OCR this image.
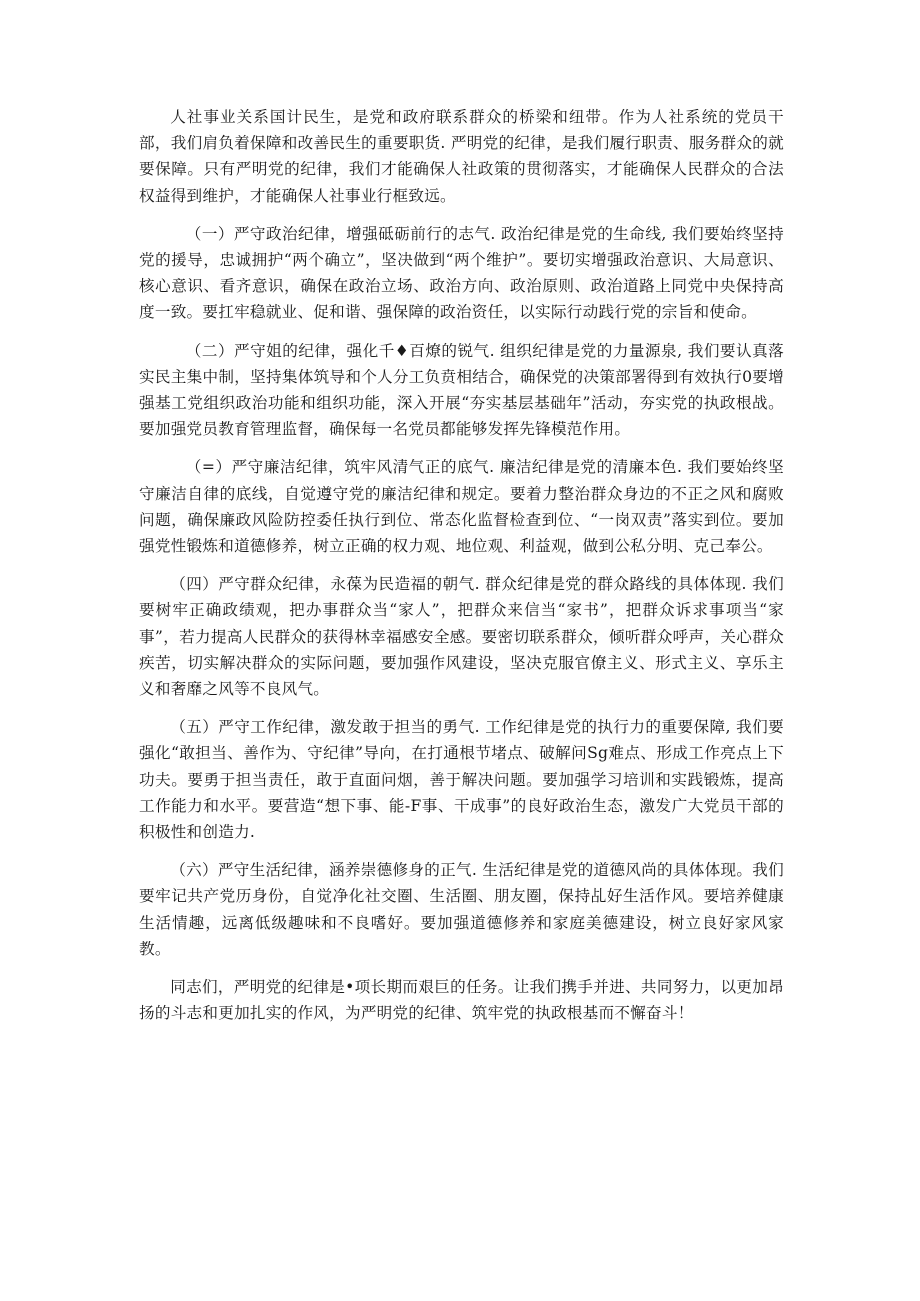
人社事业关系国计民生，是党和政府联系群众的桥梁和纽带。作为人社系统的党员干部，我们肩负着保障和改善民生的重要职货. 严明党的纪律，是我们履行职责、服务群众的就要保障。只有严明党的纪律，我们才能确保人社政策的贯彻落实，才能确保人民群众的合法权益得到维护，才能确保人社事业行框致远。

（一）严守政治纪律，增强砥砺前行的志气. 政治纪律是党的生命线, 我们要始终坚持党的援导，忠诚拥护“两个确立”，坚决做到“两个维护”。要切实增强政治意识、大局意识、核心意识、看齐意识，确保在政治立场、政治方向、政治原则、政治道路上同党中央保持高度一致。要扛牢稳就业、促和谐、强保障的政治资任，以实际行动践行党的宗旨和使命。

（二）严守姐的纪律，强化千♦百燎的锐气. 组织纪律是党的力量源泉, 我们要认真落实民主集中制，坚持集体筑导和个人分工负贲相结合，确保党的决策部署得到有效执行0要增强基工党组织政治功能和组织功能，深入开展“夯实基层基础年”活动，夯实党的执政根战。要加强党员教育管理监督，确保每一名党员都能够发挥先锋模范作用。

（=）严守廉洁纪律，筑牢风清气正的底气. 廉洁纪律是党的清廉本色. 我们要始终坚守廉洁自律的底线，自觉遵守党的廉洁纪律和规定。要着力整治群众身边的不正之风和腐败问题，确保廉政风险防控委任执行到位、常态化监督检查到位、“一岗双责”落实到位。要加强党性锻炼和道德修养，树立正确的权力观、地位观、利益观，做到公私分明、克己奉公。

（四）严守群众纪律，永葆为民造福的朝气. 群众纪律是党的群众路线的具体体现. 我们要树牢正确政绩观，把办事群众当“家人”，把群众来信当“家书”，把群众诉求事项当“家事”，若力提高人民群众的获得林幸福感安全感。要密切联系群众，倾听群众呼声，关心群众疾苦，切实解决群众的实际问题，要加强作风建设，坚决克服官僚主义、形式主义、享乐主义和奢靡之风等不良风气。

（五）严守工作纪律，激发敢于担当的勇气. 工作纪律是党的执行力的重要保障, 我们要强化“敢担当、善作为、守纪律”导向，在打通根节堵点、破解问Sg难点、形成工作亮点上下功夫。要勇于担当责任，敢于直面问烟，善于解决问题。要加强学习培训和实践锻炼，提高工作能力和水平。要营造“想下事、能-F事、干成事”的良好政治生态，激发广大党员干部的积极性和创造力.

（六）严守生活纪律，涵养崇德修身的正气. 生活纪律是党的道德风尚的具体体现。我们要牢记共产党历身份，自觉净化社交圈、生活圈、朋友圈，保持乩好生活作风。要培养健康生活情趣，远离低级趣味和不良嗜好。要加强道德修养和家庭美德建设，树立良好家风家教。

同志们，严明党的纪律是•项长期而艰巨的任务。让我们携手并进、共同努力，以更加昂扬的斗志和更加扎实的作风，为严明党的纪律、筑牢党的执政根基而不懈奋斗！
